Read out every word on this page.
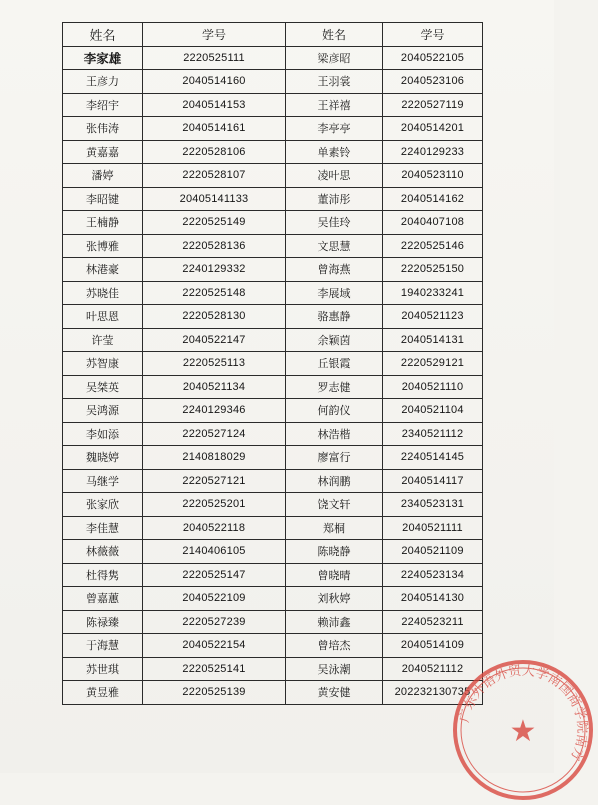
姓名	学号	姓名	学号
李家雄	2220525111	梁彦昭	2040522105
王彦力	2040514160	王羽裳	2040523106
李绍宇	2040514153	王祥禧	2220527119
张伟涛	2040514161	李亭亭	2040514201
黄嘉嘉	2220528106	单素铃	2240129233
潘婷	2220528107	凌叶思	2040523110
李昭键	20405141133	董沛彤	2040514162
王楠静	2220525149	吴佳玲	2040407108
张博雅	2220528136	文思慧	2220525146
林港豪	2240129332	曾海燕	2220525150
苏晓佳	2220525148	李展域	1940233241
叶思恩	2220528130	骆惠静	2040521123
许莹	2040522147	余颖茵	2040514131
苏智康	2220525113	丘银霞	2220529121
吴桀英	2040521134	罗志健	2040521110
吴鸿源	2240129346	何韵仪	2040521104
李如添	2220527124	林浩楷	2340521112
魏晓婷	2140818029	廖富行	2240514145
马继学	2220527121	林润鹏	2040514117
张家欣	2220525201	饶文轩	2340523131
李佳慧	2040522118	郑桐	2040521111
林薇薇	2140406105	陈晓静	2040521109
杜得隽	2220525147	曾晓晴	2240523134
曾嘉蕙	2040522109	刘秋婷	2040514130
陈禄臻	2220527239	赖沛鑫	2240523211
于海慧	2040522154	曾培杰	2040514109
苏世琪	2220525141	吴泳潮	2040521112
黄昱雅	2220525139	黄安健	202232130735
广东外语外贸大学南国商学院南方
★
